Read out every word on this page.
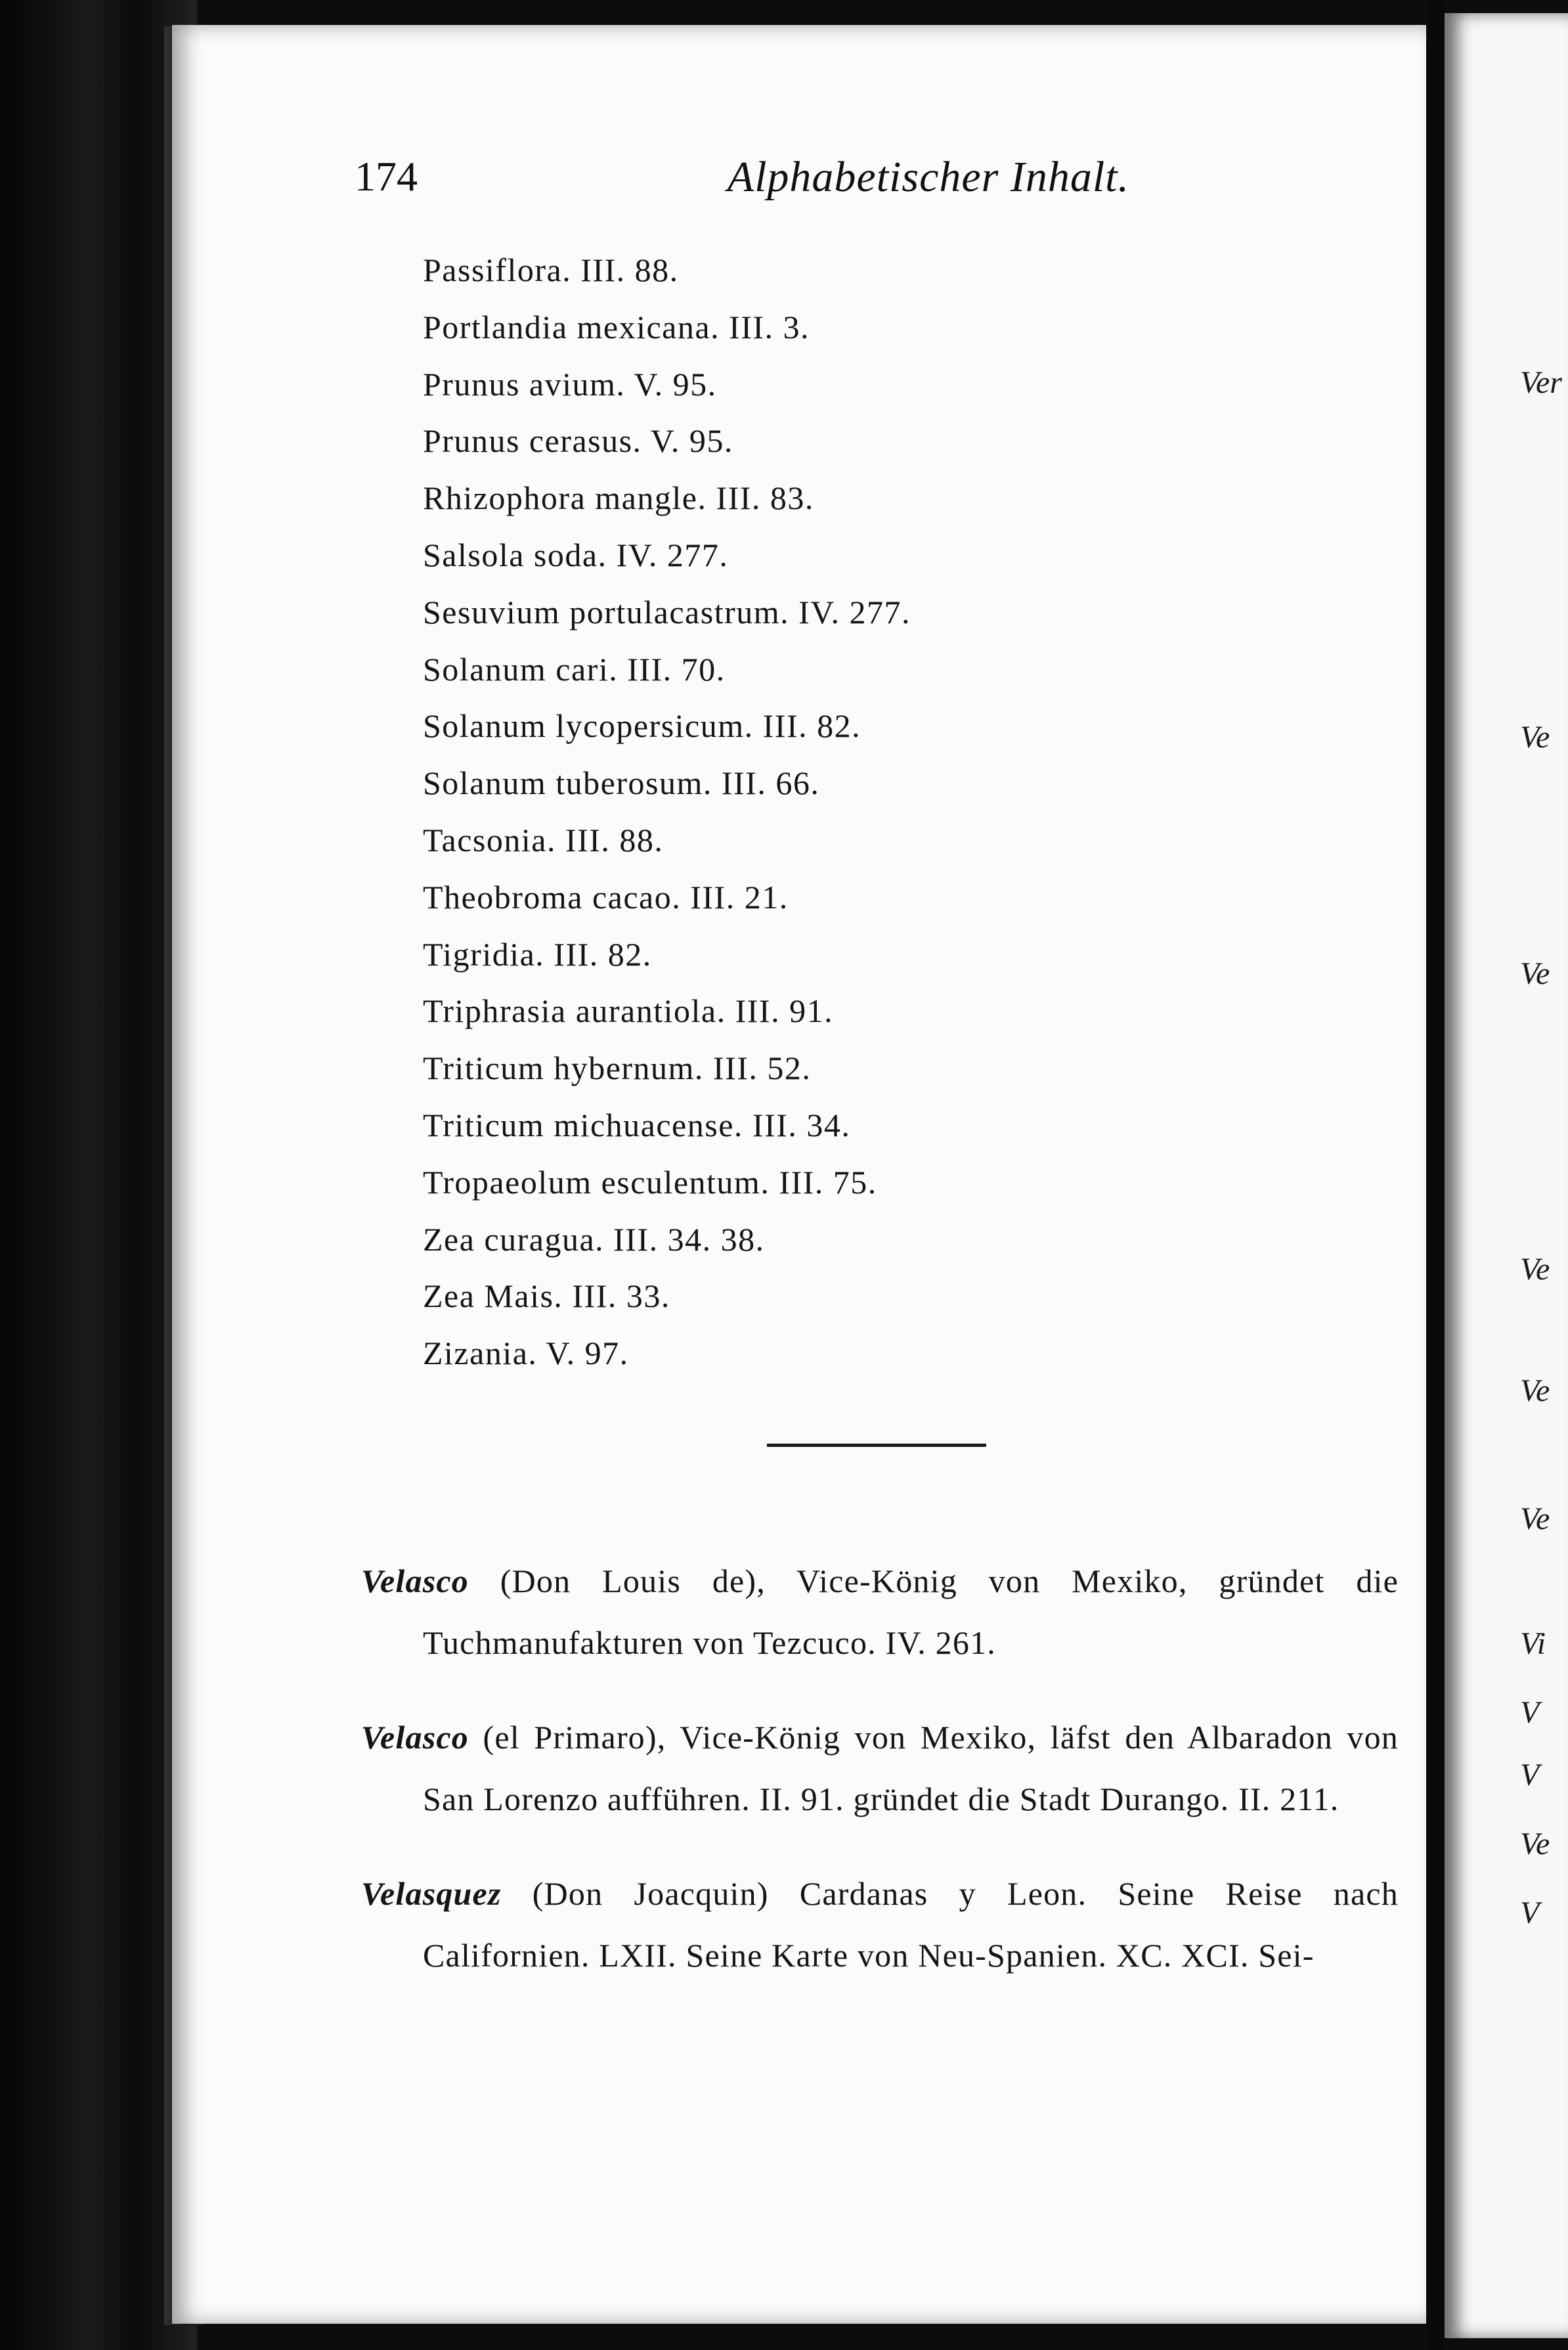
Ver
Ve
Ve
Ve
Ve
Ve
Vi
V
V
Ve
V
174	Alphabetischer Inhalt.
Passiflora. III. 88.
Portlandia mexicana. III. 3.
Prunus avium. V. 95.
Prunus cerasus. V. 95.
Rhizophora mangle. III. 83.
Salsola soda. IV. 277.
Sesuvium portulacastrum. IV. 277.
Solanum cari. III. 70.
Solanum lycopersicum. III. 82.
Solanum tuberosum. III. 66.
Tacsonia. III. 88.
Theobroma cacao. III. 21.
Tigridia. III. 82.
Triphrasia aurantiola. III. 91.
Triticum hybernum. III. 52.
Triticum michuacense. III. 34.
Tropaeolum esculentum. III. 75.
Zea curagua. III. 34. 38.
Zea Mais. III. 33.
Zizania. V. 97.

Velasco (Don Louis de), Vice-König von Mexiko, gründet die Tuchmanufakturen von Tezcuco. IV. 261.

Velasco (el Primaro), Vice-König von Mexiko, läfst den Albaradon von San Lorenzo aufführen. II. 91. gründet die Stadt Durango. II. 211.

Velasquez (Don Joacquin) Cardanas y Leon. Seine Reise nach Californien. LXII. Seine Karte von Neu-Spanien. XC. XCI. Sei-
